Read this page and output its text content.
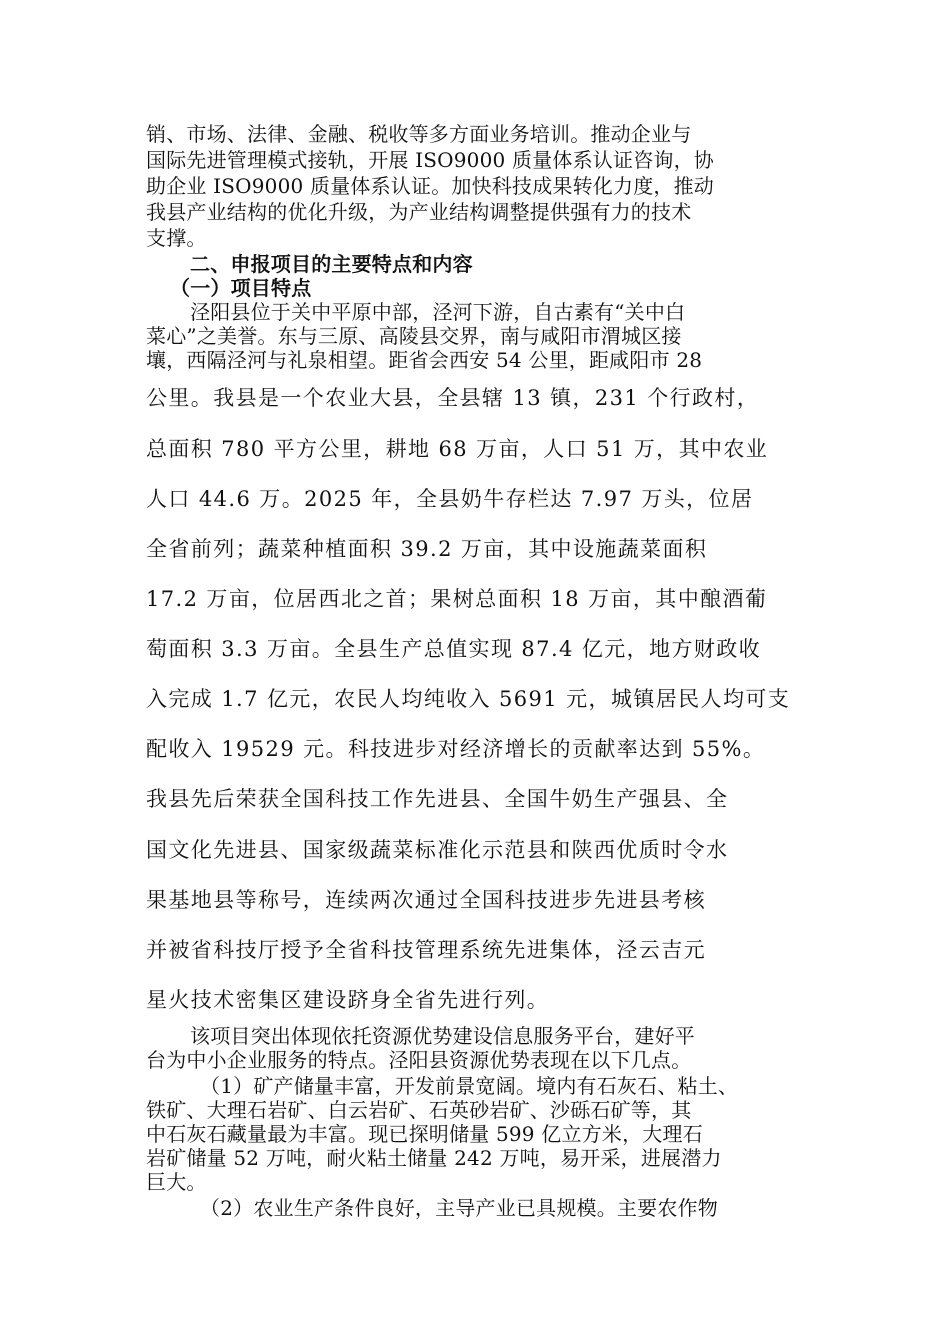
销、市场、法律、金融、税收等多方面业务培训。推动企业与
国际先进管理模式接轨，开展 ISO9000 质量体系认证咨询，协
助企业 ISO9000 质量体系认证。加快科技成果转化力度，推动
我县产业结构的优化升级，为产业结构调整提供强有力的技术
支撑。
二、申报项目的主要特点和内容
（一）项目特点
泾阳县位于关中平原中部，泾河下游，自古素有“关中白
菜心”之美誉。东与三原、高陵县交界，南与咸阳市渭城区接
壤，西隔泾河与礼泉相望。距省会西安 54 公里，距咸阳市 28
公里。我县是一个农业大县，全县辖 13 镇，231 个行政村，
总面积 780 平方公里，耕地 68 万亩，人口 51 万，其中农业
人口 44.6 万。2025 年，全县奶牛存栏达 7.97 万头，位居
全省前列；蔬菜种植面积 39.2 万亩，其中设施蔬菜面积
17.2 万亩，位居西北之首；果树总面积 18 万亩，其中酿酒葡
萄面积 3.3 万亩。全县生产总值实现 87.4 亿元，地方财政收
入完成 1.7 亿元，农民人均纯收入 5691 元，城镇居民人均可支
配收入 19529 元。科技进步对经济增长的贡献率达到 55%。
我县先后荣获全国科技工作先进县、全国牛奶生产强县、全
国文化先进县、国家级蔬菜标准化示范县和陕西优质时令水
果基地县等称号，连续两次通过全国科技进步先进县考核
并被省科技厅授予全省科技管理系统先进集体，泾云吉元
星火技术密集区建设跻身全省先进行列。
该项目突出体现依托资源优势建设信息服务平台，建好平
台为中小企业服务的特点。泾阳县资源优势表现在以下几点。
（1）矿产储量丰富，开发前景宽阔。境内有石灰石、粘土、
铁矿、大理石岩矿、白云岩矿、石英砂岩矿、沙砾石矿等，其
中石灰石藏量最为丰富。现已探明储量 599 亿立方米，大理石
岩矿储量 52 万吨，耐火粘土储量 242 万吨，易开采，进展潜力
巨大。
（2）农业生产条件良好，主导产业已具规模。主要农作物
